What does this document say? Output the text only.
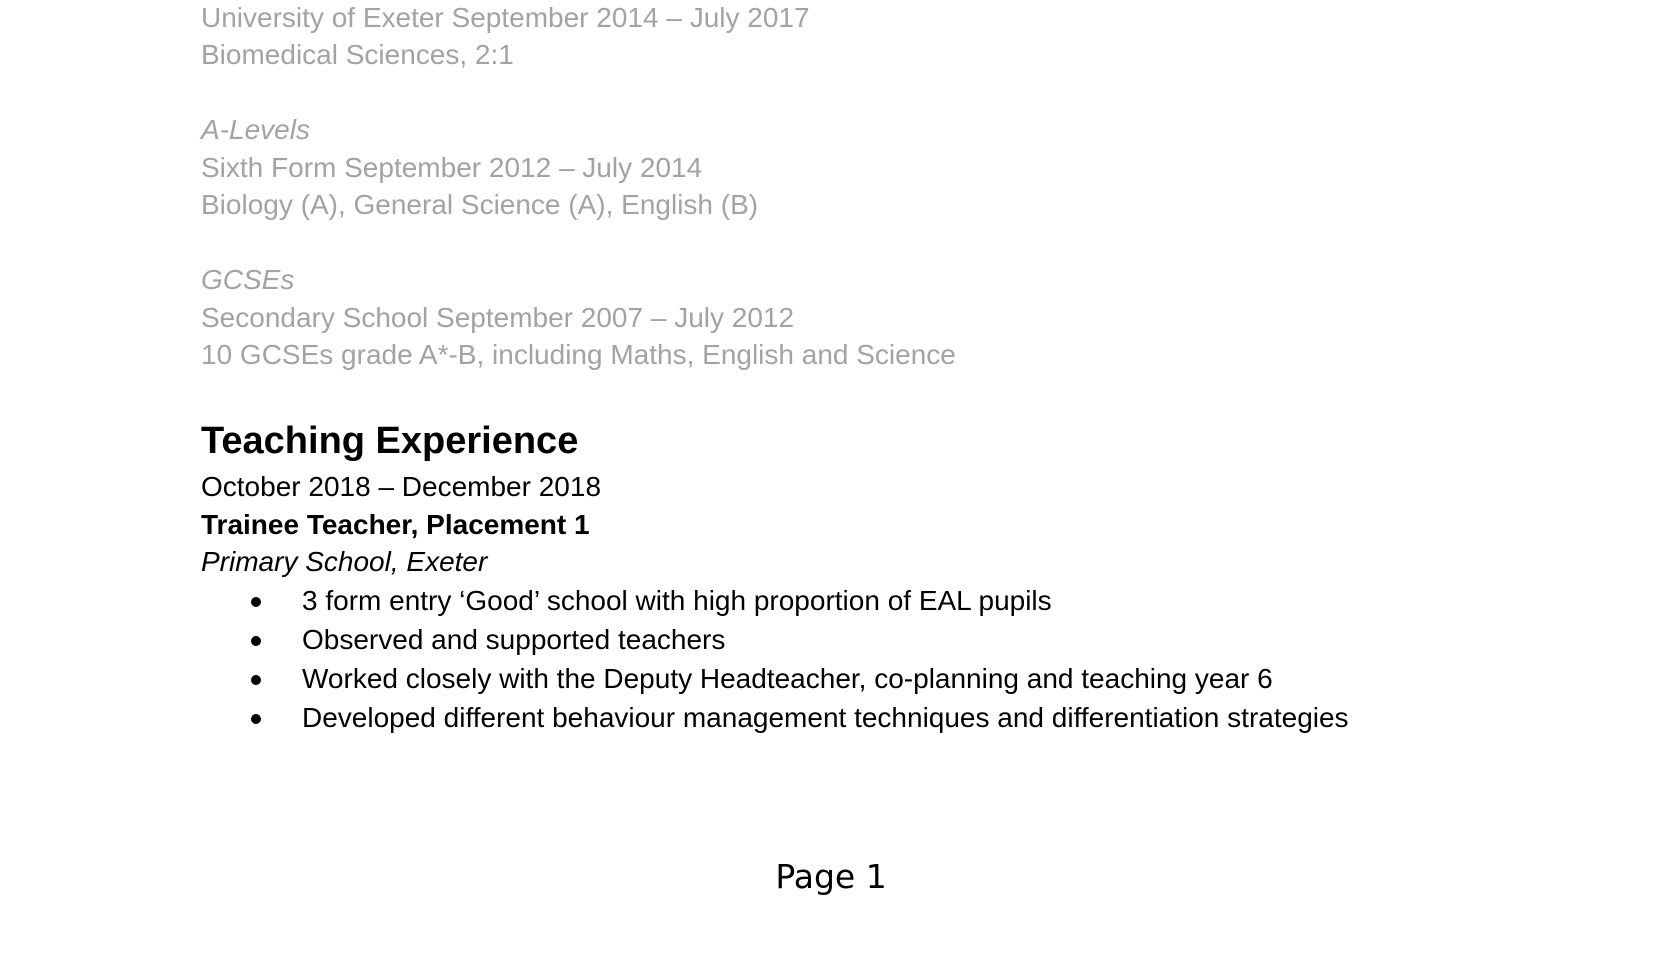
University of Exeter September 2014 – July 2017
Biomedical Sciences, 2:1
A-Levels
Sixth Form September 2012 – July 2014
Biology (A), General Science (A), English (B)
GCSEs
Secondary School September 2007 – July 2012
10 GCSEs grade A*-B, including Maths, English and Science
Teaching Experience
October 2018 – December 2018
Trainee Teacher, Placement 1
Primary School, Exeter
3 form entry ‘Good’ school with high proportion of EAL pupils
Observed and supported teachers
Worked closely with the Deputy Headteacher, co-planning and teaching year 6
Developed different behaviour management techniques and differentiation strategies
Page 1
